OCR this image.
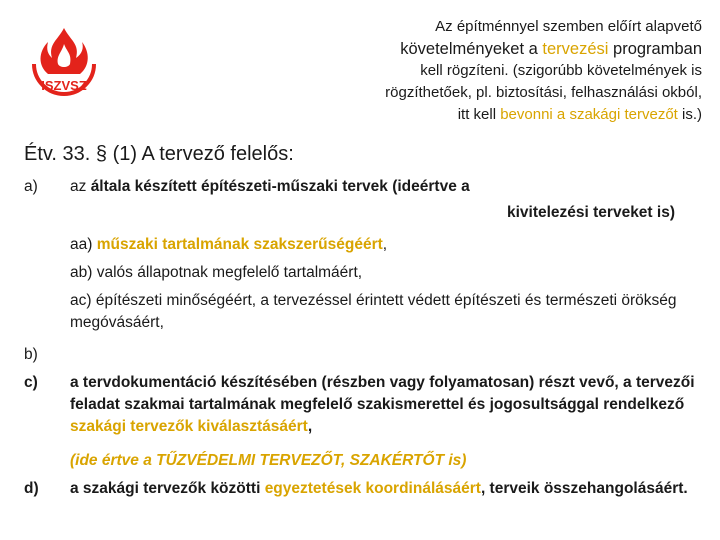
ISZVSZ
Az építménnyel szemben előírt alapvető
követelményeket a tervezési programban
kell rögzíteni. (szigorúbb követelmények is
rögzíthetőek, pl. biztosítási, felhasználási okból,
itt kell bevonni a szakági tervezőt is.)
Étv. 33. § (1) A tervező felelős:
a) az általa készített építészeti-műszaki tervek (ideértve a
kivitelezési terveket is)
aa) műszaki tartalmának szakszerűségéért,
ab) valós állapotnak megfelelő tartalmáért,
ac) építészeti minőségéért, a tervezéssel érintett védett építészeti és természeti örökség megóvásáért,
b)
c) a tervdokumentáció készítésében (részben vagy folyamatosan) részt vevő, a tervezői feladat szakmai tartalmának megfelelő szakismerettel és jogosultsággal rendelkező szakági tervezők kiválasztásáért,
(ide értve a TŰZVÉDELMI TERVEZŐT, SZAKÉRTŐT is)
d) a szakági tervezők közötti egyeztetések koordinálásáért, terveik összehangolásáért.
